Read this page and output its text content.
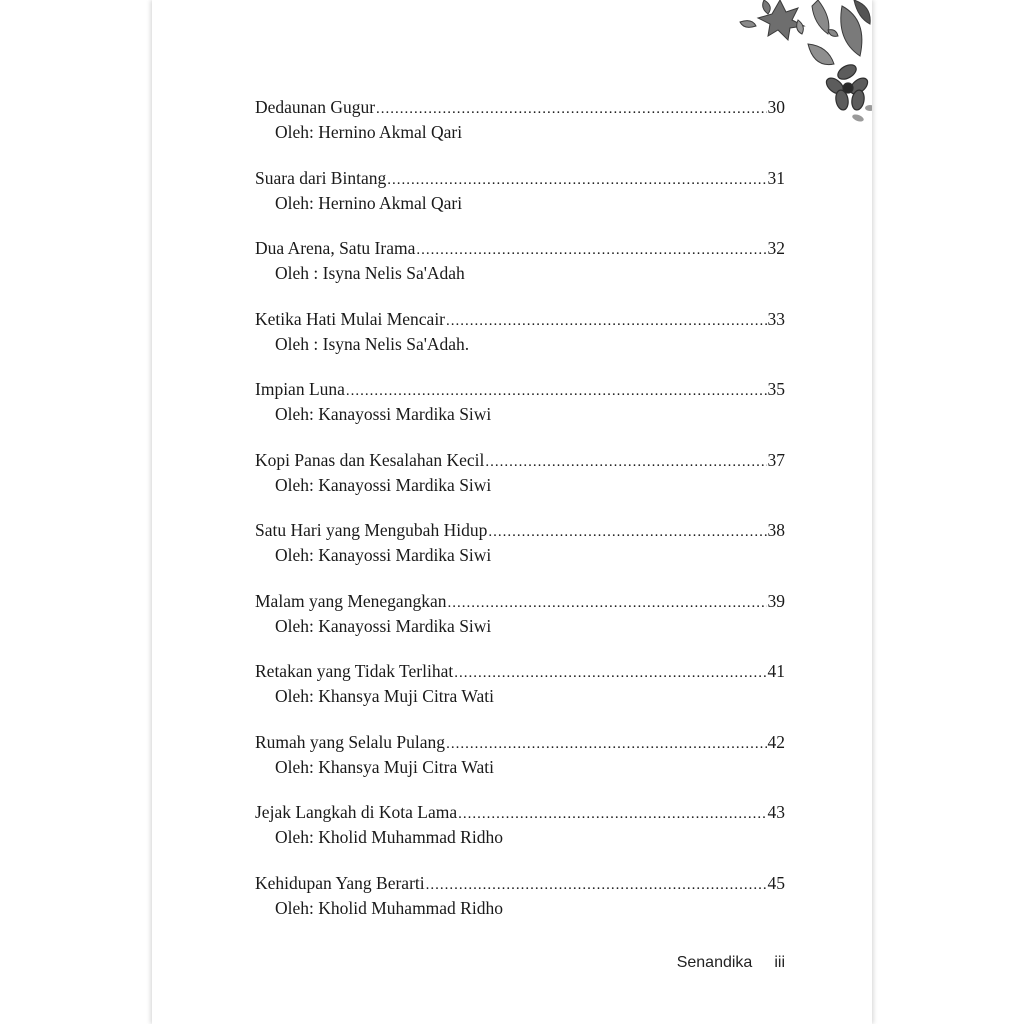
Dedaunan Gugur .....	30
Oleh: Hernino Akmal Qari
Suara dari Bintang .....	31
Oleh: Hernino Akmal Qari
Dua Arena, Satu Irama .....	32
Oleh : Isyna Nelis Sa'Adah
Ketika Hati Mulai Mencair .....	33
Oleh : Isyna Nelis Sa'Adah.
Impian Luna .....	35
Oleh: Kanayossi Mardika Siwi
Kopi Panas dan Kesalahan Kecil .....	37
Oleh: Kanayossi Mardika Siwi
Satu Hari yang Mengubah Hidup .....	38
Oleh: Kanayossi Mardika Siwi
Malam yang Menegangkan .....	39
Oleh: Kanayossi Mardika Siwi
Retakan yang Tidak Terlihat .....	41
Oleh: Khansya Muji Citra Wati
Rumah yang Selalu Pulang .....	42
Oleh: Khansya Muji Citra Wati
Jejak Langkah di Kota Lama .....	43
Oleh: Kholid Muhammad Ridho
Kehidupan Yang Berarti .....	45
Oleh: Kholid Muhammad Ridho
Senandika iii
